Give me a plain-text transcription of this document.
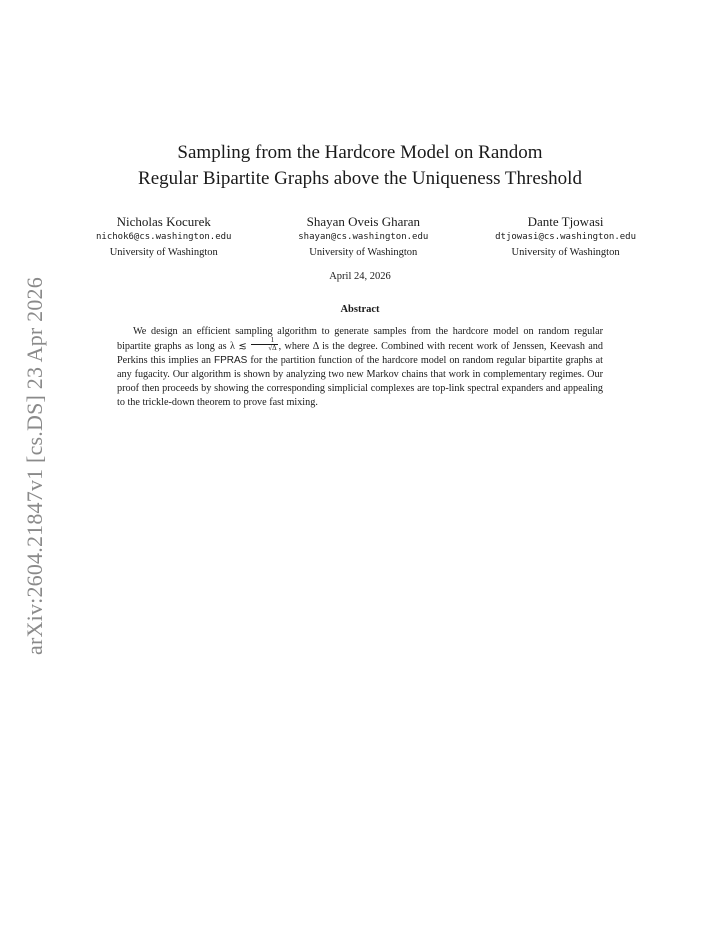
arXiv:2604.21847v1 [cs.DS] 23 Apr 2026
Sampling from the Hardcore Model on Random
Regular Bipartite Graphs above the Uniqueness Threshold
Nicholas Kocurek
nichok6@cs.washington.edu
University of Washington
Shayan Oveis Gharan
shayan@cs.washington.edu
University of Washington
Dante Tjowasi
dtjowasi@cs.washington.edu
University of Washington
April 24, 2026
Abstract
We design an efficient sampling algorithm to generate samples from the hardcore model on random regular bipartite graphs as long as λ ≲ $\frac{1}{√\Delta}$ , where Δ is the degree. Combined with recent work of Jenssen, Keevash and Perkins this implies an FPRAS for the partition function of the hardcore model on random regular bipartite graphs at any fugacity. Our algorithm is shown by analyzing two new Markov chains that work in complementary regimes. Our proof then proceeds by showing the corresponding simplicial complexes are top-link spectral expanders and appealing to the trickle-down theorem to prove fast mixing.
